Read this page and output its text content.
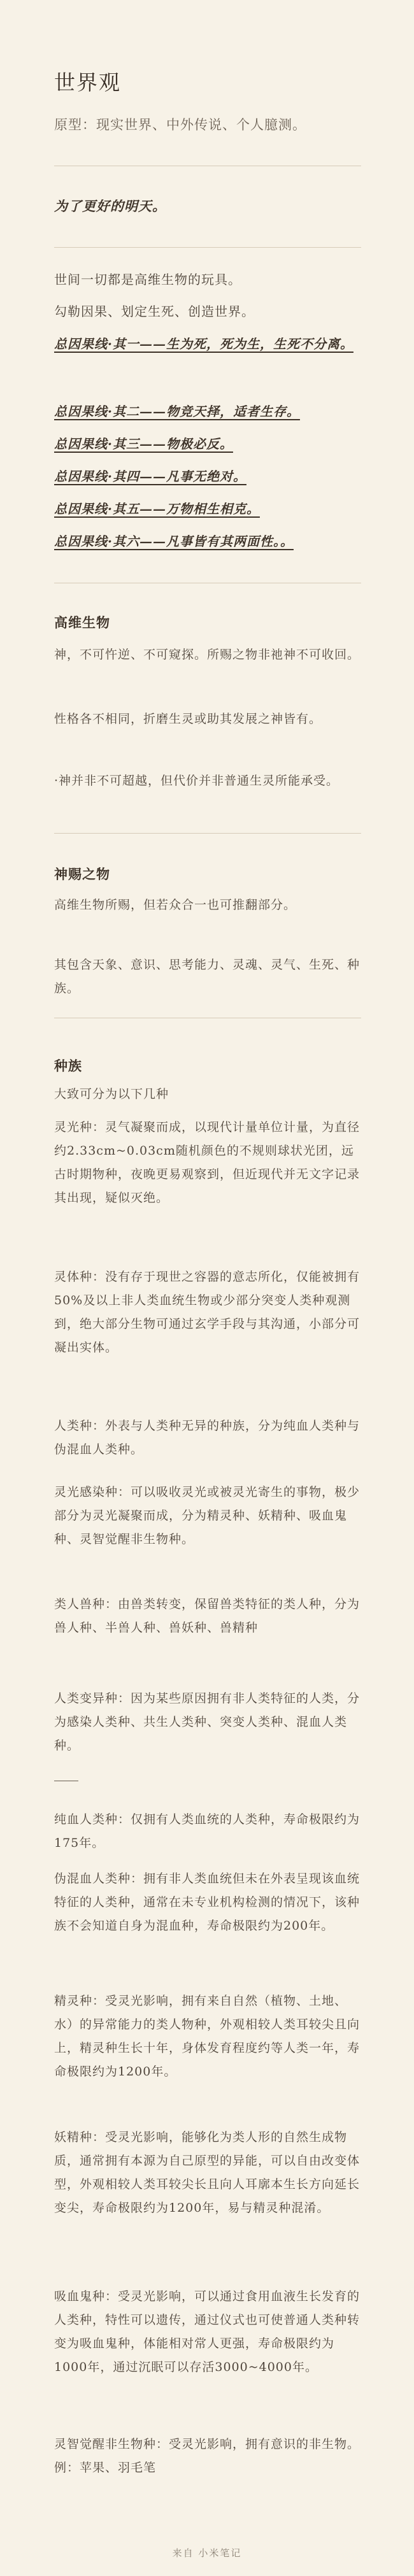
世界观
原型：现实世界、中外传说、个人臆测。
为了更好的明天。
世间一切都是高维生物的玩具。
勾勒因果、划定生死、创造世界。
总因果线·其一——生为死，死为生，生死不分离。
总因果线·其二——物竞天择，适者生存。
总因果线·其三——物极必反。
总因果线·其四——凡事无绝对。
总因果线·其五——万物相生相克。
总因果线·其六——凡事皆有其两面性。。
高维生物
神，不可忤逆、不可窥探。所赐之物非祂神不可收回。
性格各不相同，折磨生灵或助其发展之神皆有。
·神并非不可超越，但代价并非普通生灵所能承受。
神赐之物
高维生物所赐，但若众合一也可推翻部分。
其包含天象、意识、思考能力、灵魂、灵气、生死、种族。
种族
大致可分为以下几种
灵光种：灵气凝聚而成，以现代计量单位计量，为直径约2.33cm~0.03cm随机颜色的不规则球状光团，远古时期物种，夜晚更易观察到，但近现代并无文字记录其出现，疑似灭绝。
灵体种：没有存于现世之容器的意志所化，仅能被拥有50%及以上非人类血统生物或少部分突变人类种观测到，绝大部分生物可通过玄学手段与其沟通，小部分可凝出实体。
人类种：外表与人类种无异的种族，分为纯血人类种与伪混血人类种。
灵光感染种：可以吸收灵光或被灵光寄生的事物，极少部分为灵光凝聚而成，分为精灵种、妖精种、吸血鬼种、灵智觉醒非生物种。
类人兽种：由兽类转变，保留兽类特征的类人种，分为兽人种、半兽人种、兽妖种、兽精种
人类变异种：因为某些原因拥有非人类特征的人类，分为感染人类种、共生人类种、突变人类种、混血人类种。
纯血人类种：仅拥有人类血统的人类种，寿命极限约为175年。
伪混血人类种：拥有非人类血统但未在外表呈现该血统特征的人类种，通常在未专业机构检测的情况下，该种族不会知道自身为混血种，寿命极限约为200年。
精灵种：受灵光影响，拥有来自自然（植物、土地、水）的异常能力的类人物种，外观相较人类耳较尖且向上，精灵种生长十年，身体发育程度约等人类一年，寿命极限约为1200年。
妖精种：受灵光影响，能够化为类人形的自然生成物质，通常拥有本源为自己原型的异能，可以自由改变体型，外观相较人类耳较尖长且向人耳廓本生长方向延长变尖，寿命极限约为1200年，易与精灵种混淆。
吸血鬼种：受灵光影响，可以通过食用血液生长发育的人类种，特性可以遗传，通过仪式也可使普通人类种转变为吸血鬼种，体能相对常人更强，寿命极限约为1000年，通过沉眠可以存活3000~4000年。
灵智觉醒非生物种：受灵光影响，拥有意识的非生物。例：苹果、羽毛笔
来自 小米笔记
